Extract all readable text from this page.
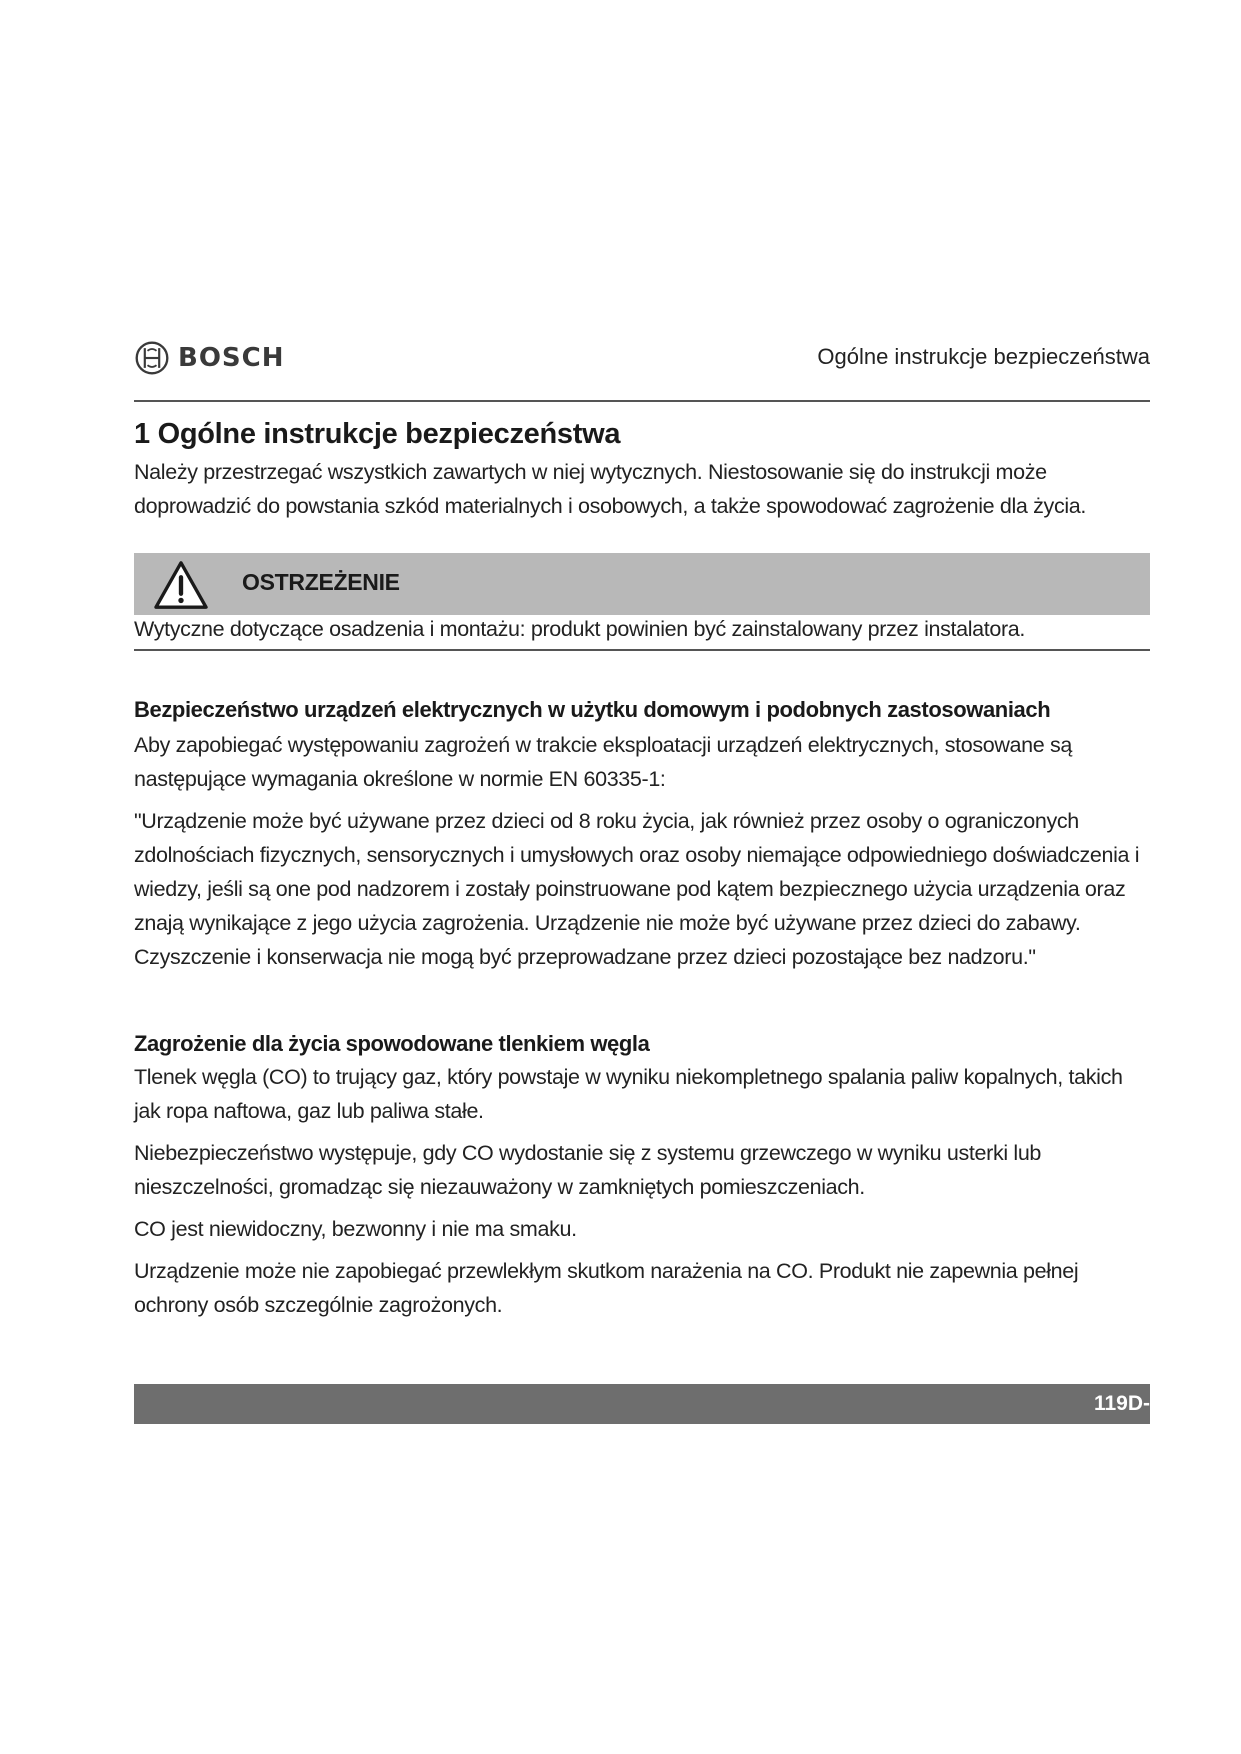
BOSCH	Ogólne instrukcje bezpieczeństwa
1 Ogólne instrukcje bezpieczeństwa

Należy przestrzegać wszystkich zawartych w niej wytycznych. Niestosowanie się do instrukcji może doprowadzić do powstania szkód materialnych i osobowych, a także spowodować zagrożenie dla życia.

OSTRZEŻENIE
Wytyczne dotyczące osadzenia i montażu: produkt powinien być zainstalowany przez instalatora.
Bezpieczeństwo urządzeń elektrycznych w użytku domowym i podobnych zastosowaniach

Aby zapobiegać występowaniu zagrożeń w trakcie eksploatacji urządzeń elektrycznych, stosowane są następujące wymagania określone w normie EN 60335-1:

"Urządzenie może być używane przez dzieci od 8 roku życia, jak również przez osoby o ograniczonych zdolnościach fizycznych, sensorycznych i umysłowych oraz osoby niemające odpowiedniego doświadczenia i wiedzy, jeśli są one pod nadzorem i zostały poinstruowane pod kątem bezpiecznego użycia urządzenia oraz znają wynikające z jego użycia zagrożenia. Urządzenie nie może być używane przez dzieci do zabawy. Czyszczenie i konserwacja nie mogą być przeprowadzane przez dzieci pozostające bez nadzoru."

Zagrożenie dla życia spowodowane tlenkiem węgla

Tlenek węgla (CO) to trujący gaz, który powstaje w wyniku niekompletnego spalania paliw kopalnych, takich jak ropa naftowa, gaz lub paliwa stałe.

Niebezpieczeństwo występuje, gdy CO wydostanie się z systemu grzewczego w wyniku usterki lub nieszczelności, gromadząc się niezauważony w zamkniętych pomieszczeniach.

CO jest niewidoczny, bezwonny i nie ma smaku.

Urządzenie może nie zapobiegać przewlekłym skutkom narażenia na CO. Produkt nie zapewnia pełnej ochrony osób szczególnie zagrożonych.

119D-
